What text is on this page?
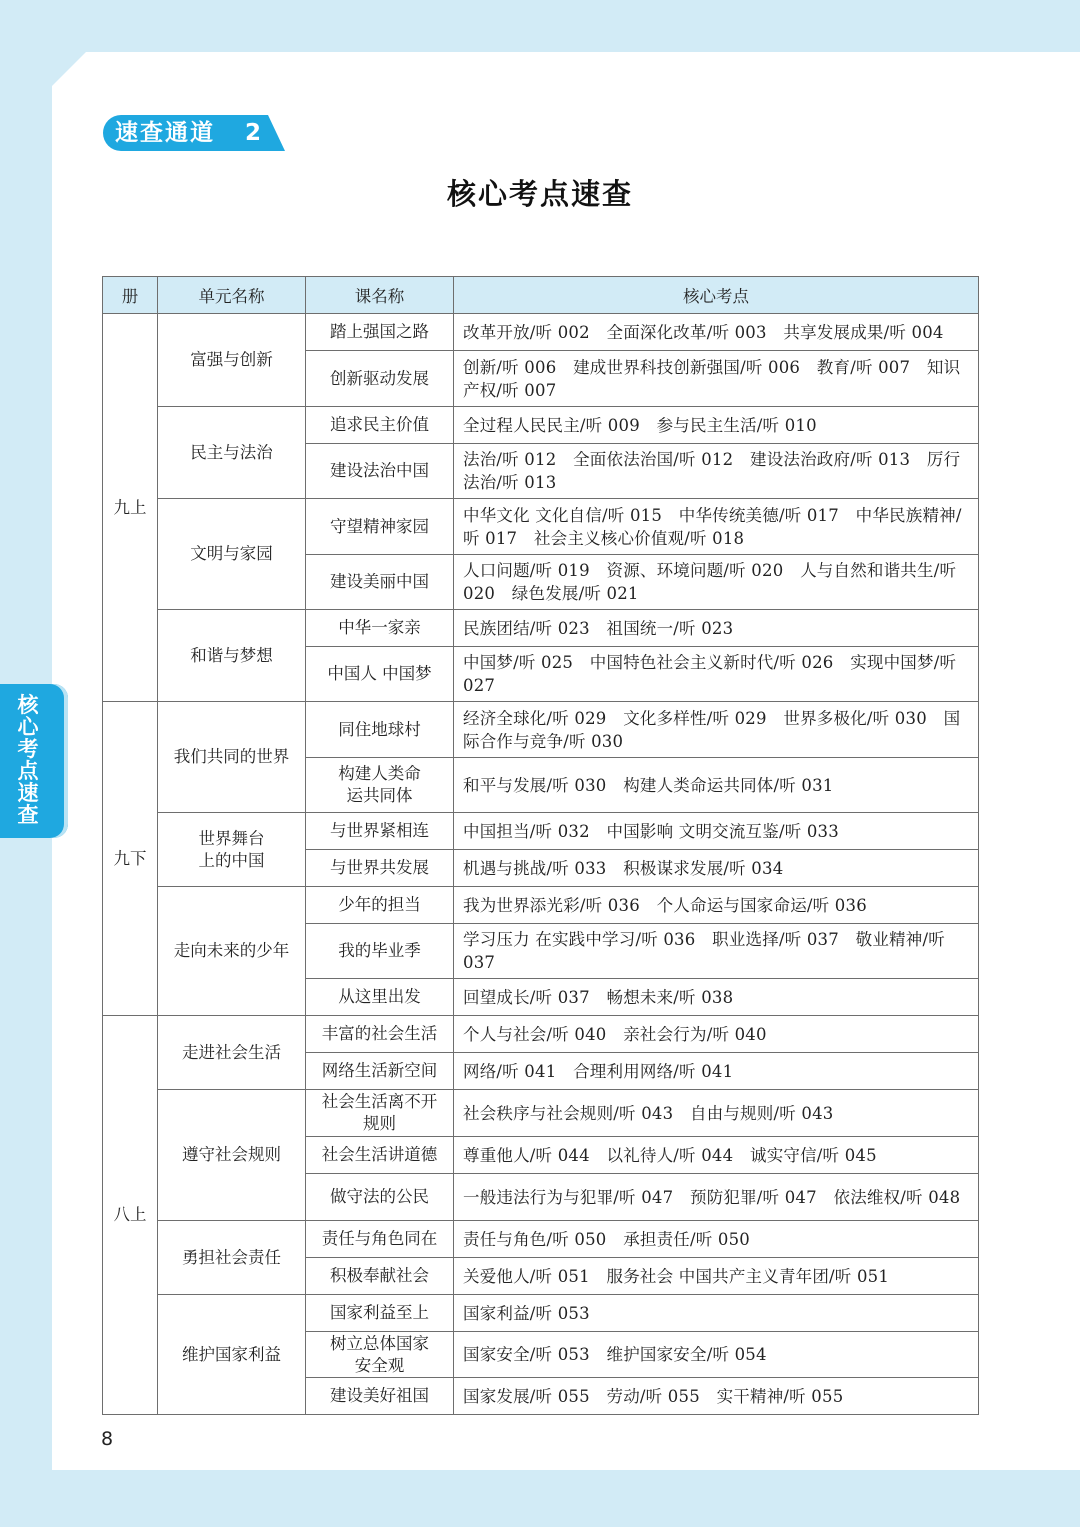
速查通道 2
核心考点速查
核心考点速查
册	单元名称	课名称	核心考点
九上	富强与创新	踏上强国之路	改革开放/听 002　全面深化改革/听 003　共享发展成果/听 004
		创新驱动发展	创新/听 006　建成世界科技创新强国/听 006　教育/听 007　知识产权/听 007
	民主与法治	追求民主价值	全过程人民民主/听 009　参与民主生活/听 010
		建设法治中国	法治/听 012　全面依法治国/听 012　建设法治政府/听 013　厉行法治/听 013
	文明与家园	守望精神家园	中华文化 文化自信/听 015　中华传统美德/听 017　中华民族精神/听 017　社会主义核心价值观/听 018
		建设美丽中国	人口问题/听 019　资源、环境问题/听 020　人与自然和谐共生/听 020　绿色发展/听 021
	和谐与梦想	中华一家亲	民族团结/听 023　祖国统一/听 023
		中国人 中国梦	中国梦/听 025　中国特色社会主义新时代/听 026　实现中国梦/听 027
九下	我们共同的世界	同住地球村	经济全球化/听 029　文化多样性/听 029　世界多极化/听 030　国际合作与竞争/听 030
		构建人类命运共同体	和平与发展/听 030　构建人类命运共同体/听 031
	世界舞台上的中国	与世界紧相连	中国担当/听 032　中国影响 文明交流互鉴/听 033
		与世界共发展	机遇与挑战/听 033　积极谋求发展/听 034
	走向未来的少年	少年的担当	我为世界添光彩/听 036　个人命运与国家命运/听 036
		我的毕业季	学习压力 在实践中学习/听 036　职业选择/听 037　敬业精神/听 037
		从这里出发	回望成长/听 037　畅想未来/听 038
八上	走进社会生活	丰富的社会生活	个人与社会/听 040　亲社会行为/听 040
		网络生活新空间	网络/听 041　合理利用网络/听 041
	遵守社会规则	社会生活离不开规则	社会秩序与社会规则/听 043　自由与规则/听 043
		社会生活讲道德	尊重他人/听 044　以礼待人/听 044　诚实守信/听 045
		做守法的公民	一般违法行为与犯罪/听 047　预防犯罪/听 047　依法维权/听 048
	勇担社会责任	责任与角色同在	责任与角色/听 050　承担责任/听 050
		积极奉献社会	关爱他人/听 051　服务社会 中国共产主义青年团/听 051
	维护国家利益	国家利益至上	国家利益/听 053
		树立总体国家安全观	国家安全/听 053　维护国家安全/听 054
		建设美好祖国	国家发展/听 055　劳动/听 055　实干精神/听 055
8
